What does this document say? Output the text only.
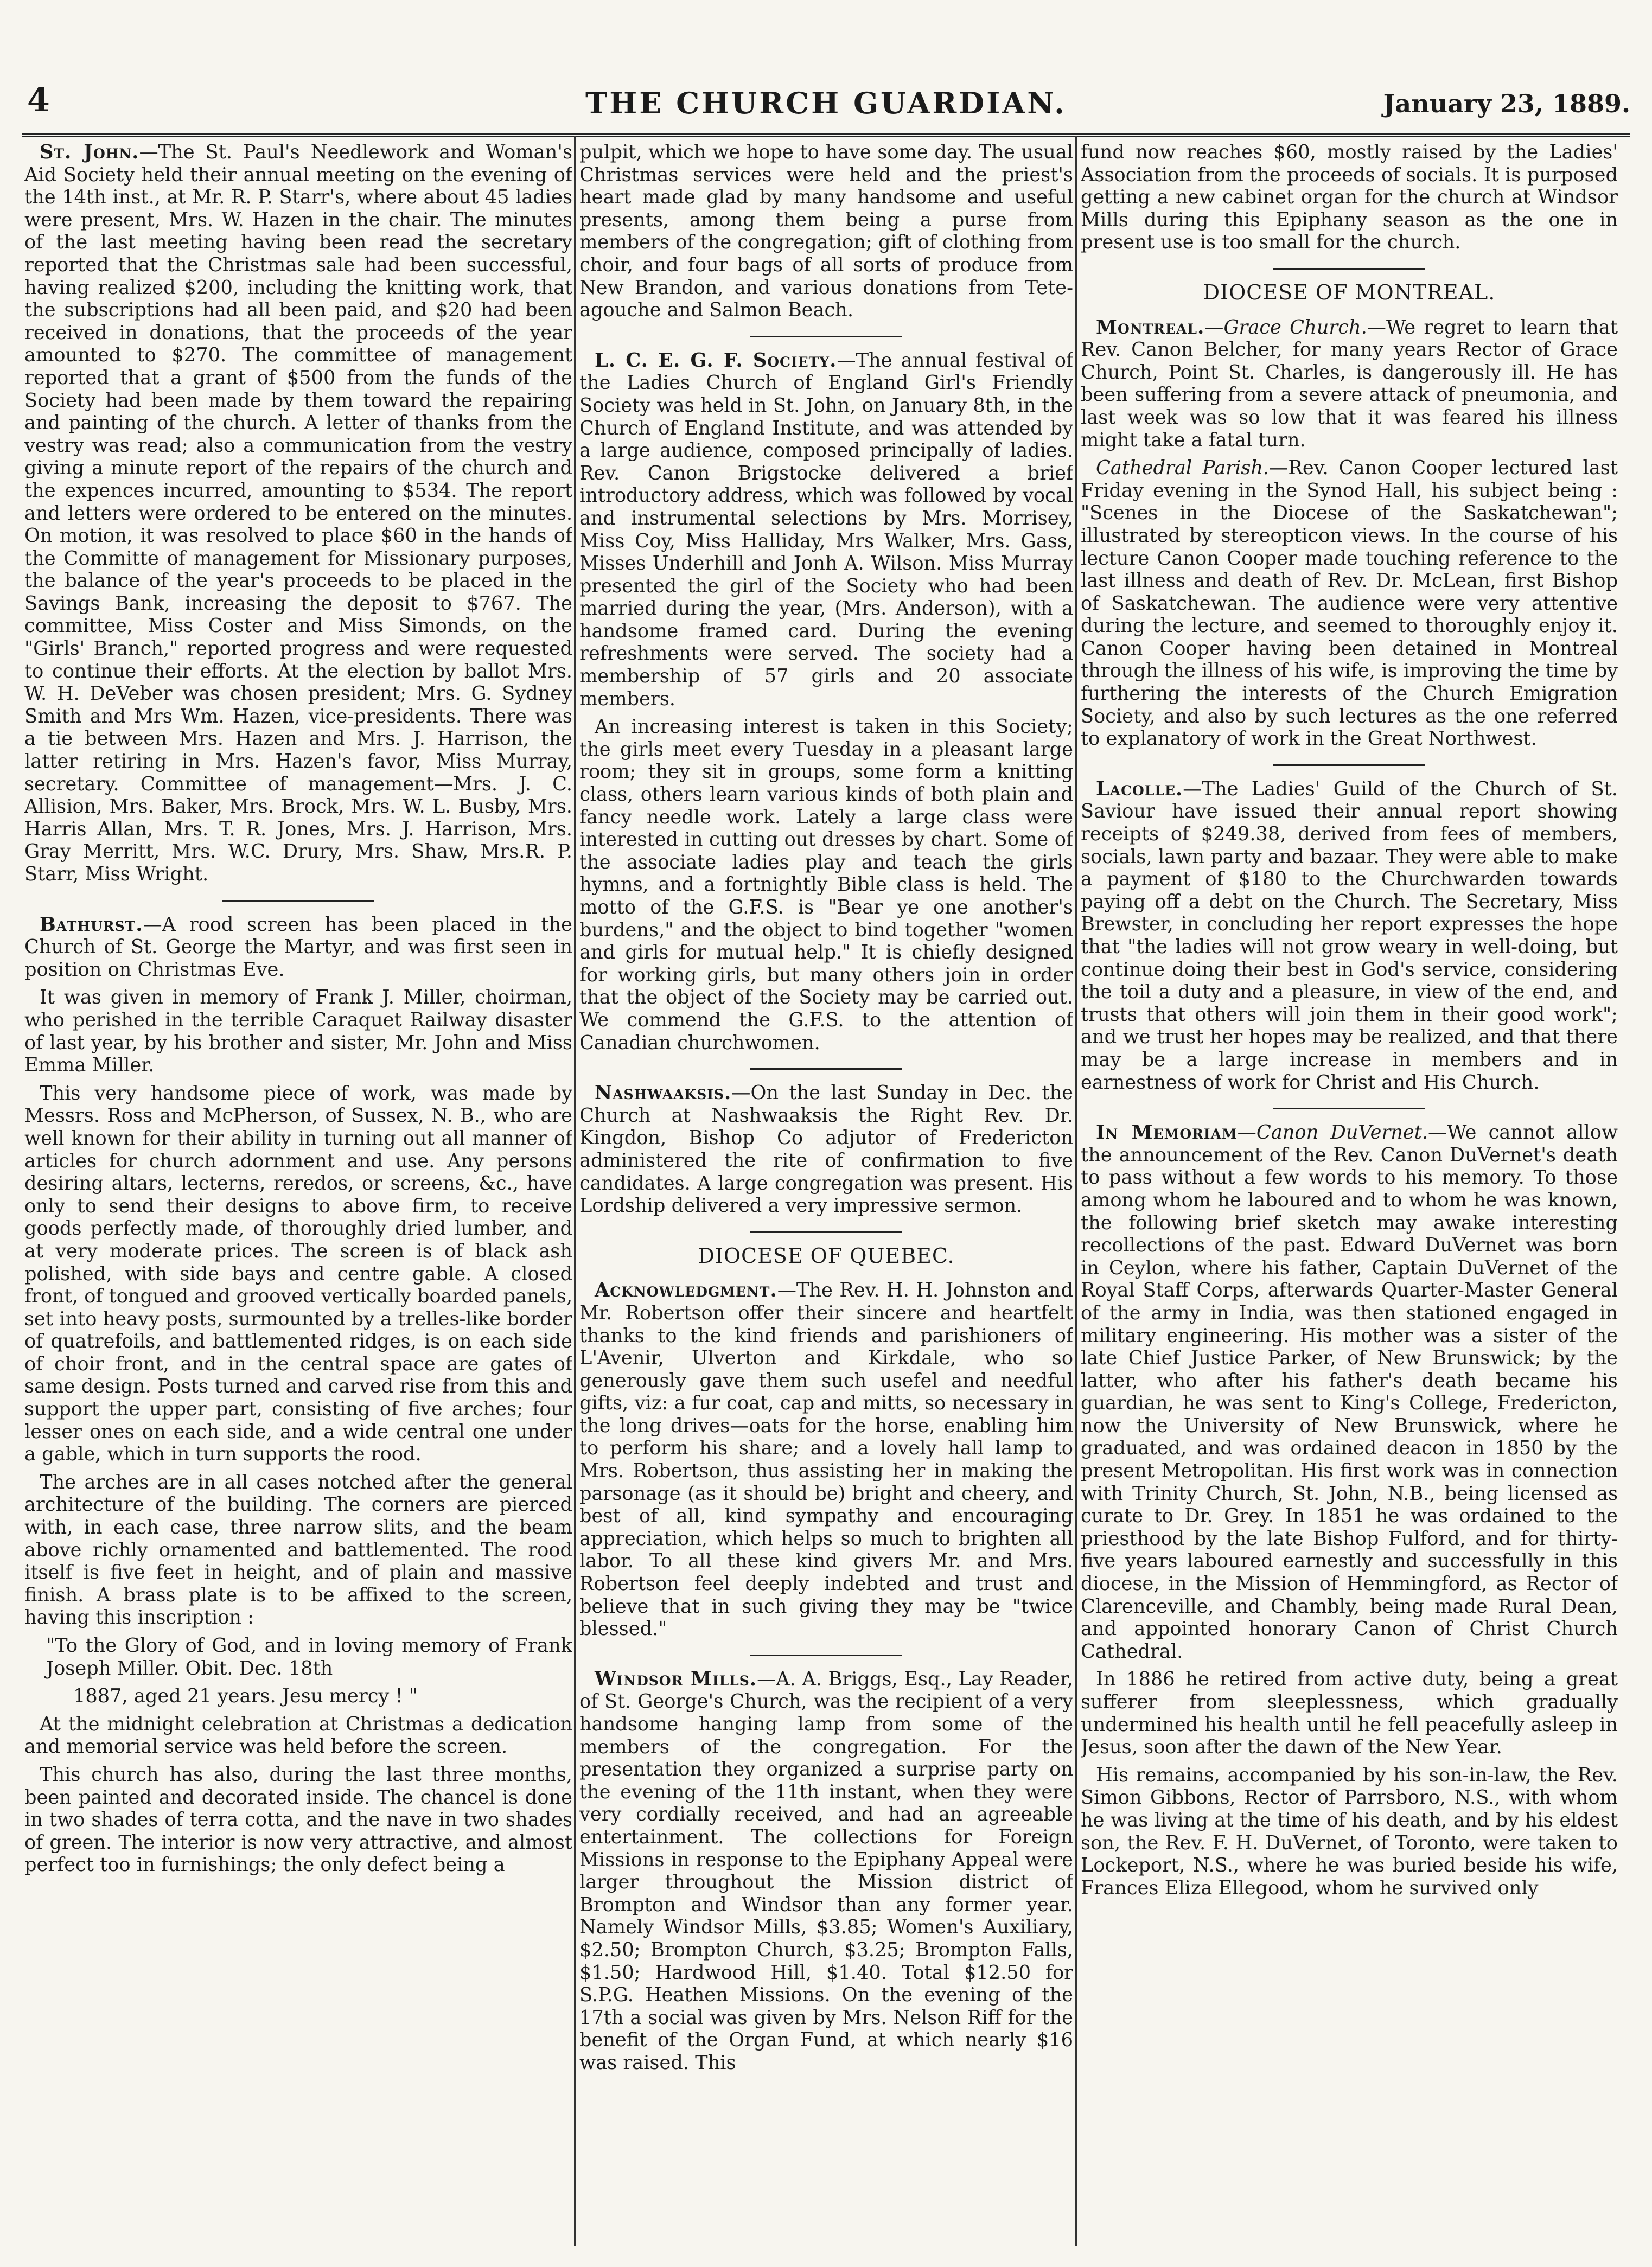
4	THE CHURCH GUARDIAN.	January 23, 1889.

St. John.—The St. Paul's Needlework and Woman's Aid Society held their annual meeting on the evening of the 14th inst., at Mr. R. P. Starr's, where about 45 ladies were present, Mrs. W. Hazen in the chair. The minutes of the last meeting having been read the secretary reported that the Christmas sale had been successful, having realized $200, including the knitting work, that the subscriptions had all been paid, and $20 had been received in donations, that the proceeds of the year amounted to $270. The committee of management reported that a grant of $500 from the funds of the Society had been made by them toward the repairing and painting of the church. A letter of thanks from the vestry was read; also a communication from the vestry giving a minute report of the repairs of the church and the expences incurred, amounting to $534. The report and letters were ordered to be entered on the minutes. On motion, it was resolved to place $60 in the hands of the Committe of management for Missionary purposes, the balance of the year's proceeds to be placed in the Savings Bank, increasing the deposit to $767. The committee, Miss Coster and Miss Simonds, on the "Girls' Branch," reported progress and were requested to continue their efforts. At the election by ballot Mrs. W. H. DeVeber was chosen president; Mrs. G. Sydney Smith and Mrs Wm. Hazen, vice-presidents. There was a tie between Mrs. Hazen and Mrs. J. Harrison, the latter retiring in Mrs. Hazen's favor, Miss Murray, secretary. Committee of management—Mrs. J. C. Allision, Mrs. Baker, Mrs. Brock, Mrs. W. L. Busby, Mrs. Harris Allan, Mrs. T. R. Jones, Mrs. J. Harrison, Mrs. Gray Merritt, Mrs. W.C. Drury, Mrs. Shaw, Mrs.R. P. Starr, Miss Wright.

Bathurst.—A rood screen has been placed in the Church of St. George the Martyr, and was first seen in position on Christmas Eve.

It was given in memory of Frank J. Miller, choirman, who perished in the terrible Caraquet Railway disaster of last year, by his brother and sister, Mr. John and Miss Emma Miller.

This very handsome piece of work, was made by Messrs. Ross and McPherson, of Sussex, N. B., who are well known for their ability in turning out all manner of articles for church adornment and use. Any persons desiring altars, lecterns, reredos, or screens, &c., have only to send their designs to above firm, to receive goods perfectly made, of thoroughly dried lumber, and at very moderate prices. The screen is of black ash polished, with side bays and centre gable. A closed front, of tongued and grooved vertically boarded panels, set into heavy posts, surmounted by a trelles-like border of quatrefoils, and battlemented ridges, is on each side of choir front, and in the central space are gates of same design. Posts turned and carved rise from this and support the upper part, consisting of five arches; four lesser ones on each side, and a wide central one under a gable, which in turn supports the rood.

The arches are in all cases notched after the general architecture of the building. The corners are pierced with, in each case, three narrow slits, and the beam above richly ornamented and battlemented. The rood itself is five feet in height, and of plain and massive finish. A brass plate is to be affixed to the screen, having this inscription :

"To the Glory of God, and in loving memory of Frank Joseph Miller. Obit. Dec. 18th

1887, aged 21 years. Jesu mercy ! "

At the midnight celebration at Christmas a dedication and memorial service was held before the screen.

This church has also, during the last three months, been painted and decorated inside. The chancel is done in two shades of terra cotta, and the nave in two shades of green. The interior is now very attractive, and almost perfect too in furnishings; the only defect being a

pulpit, which we hope to have some day. The usual Christmas services were held and the priest's heart made glad by many handsome and useful presents, among them being a purse from members of the congregation; gift of clothing from choir, and four bags of all sorts of produce from New Brandon, and various donations from Tete-agouche and Salmon Beach.

L. C. E. G. F. Society.—The annual festival of the Ladies Church of England Girl's Friendly Society was held in St. John, on January 8th, in the Church of England Institute, and was attended by a large audience, composed principally of ladies. Rev. Canon Brigstocke delivered a brief introductory address, which was followed by vocal and instrumental selections by Mrs. Morrisey, Miss Coy, Miss Halliday, Mrs Walker, Mrs. Gass, Misses Underhill and Jonh A. Wilson. Miss Murray presented the girl of the Society who had been married during the year, (Mrs. Anderson), with a handsome framed card. During the evening refreshments were served. The society had a membership of 57 girls and 20 associate members.

An increasing interest is taken in this Society; the girls meet every Tuesday in a pleasant large room; they sit in groups, some form a knitting class, others learn various kinds of both plain and fancy needle work. Lately a large class were interested in cutting out dresses by chart. Some of the associate ladies play and teach the girls hymns, and a fortnightly Bible class is held. The motto of the G.F.S. is "Bear ye one another's burdens," and the object to bind together "women and girls for mutual help." It is chiefly designed for working girls, but many others join in order that the object of the Society may be carried out. We commend the G.F.S. to the attention of Canadian churchwomen.

Nashwaaksis.—On the last Sunday in Dec. the Church at Nashwaaksis the Right Rev. Dr. Kingdon, Bishop Co adjutor of Fredericton administered the rite of confirmation to five candidates. A large congregation was present. His Lordship delivered a very impressive sermon.

DIOCESE OF QUEBEC.

Acknowledgment.—The Rev. H. H. Johnston and Mr. Robertson offer their sincere and heartfelt thanks to the kind friends and parishioners of L'Avenir, Ulverton and Kirkdale, who so generously gave them such usefel and needful gifts, viz: a fur coat, cap and mitts, so necessary in the long drives—oats for the horse, enabling him to perform his share; and a lovely hall lamp to Mrs. Robertson, thus assisting her in making the parsonage (as it should be) bright and cheery, and best of all, kind sympathy and encouraging appreciation, which helps so much to brighten all labor. To all these kind givers Mr. and Mrs. Robertson feel deeply indebted and trust and believe that in such giving they may be "twice blessed."

Windsor Mills.—A. A. Briggs, Esq., Lay Reader, of St. George's Church, was the recipient of a very handsome hanging lamp from some of the members of the congregation. For the presentation they organized a surprise party on the evening of the 11th instant, when they were very cordially received, and had an agreeable entertainment. The collections for Foreign Missions in response to the Epiphany Appeal were larger throughout the Mission district of Brompton and Windsor than any former year. Namely Windsor Mills, $3.85; Women's Auxiliary, $2.50; Brompton Church, $3.25; Brompton Falls, $1.50; Hardwood Hill, $1.40. Total $12.50 for S.P.G. Heathen Missions. On the evening of the 17th a social was given by Mrs. Nelson Riff for the benefit of the Organ Fund, at which nearly $16 was raised. This

fund now reaches $60, mostly raised by the Ladies' Association from the proceeds of socials. It is purposed getting a new cabinet organ for the church at Windsor Mills during this Epiphany season as the one in present use is too small for the church.

DIOCESE OF MONTREAL.

Montreal.—Grace Church.—We regret to learn that Rev. Canon Belcher, for many years Rector of Grace Church, Point St. Charles, is dangerously ill. He has been suffering from a severe attack of pneumonia, and last week was so low that it was feared his illness might take a fatal turn.

Cathedral Parish.—Rev. Canon Cooper lectured last Friday evening in the Synod Hall, his subject being : "Scenes in the Diocese of the Saskatchewan"; illustrated by stereopticon views. In the course of his lecture Canon Cooper made touching reference to the last illness and death of Rev. Dr. McLean, first Bishop of Saskatchewan. The audience were very attentive during the lecture, and seemed to thoroughly enjoy it. Canon Cooper having been detained in Montreal through the illness of his wife, is improving the time by furthering the interests of the Church Emigration Society, and also by such lectures as the one referred to explanatory of work in the Great Northwest.

Lacolle.—The Ladies' Guild of the Church of St. Saviour have issued their annual report showing receipts of $249.38, derived from fees of members, socials, lawn party and bazaar. They were able to make a payment of $180 to the Churchwarden towards paying off a debt on the Church. The Secretary, Miss Brewster, in concluding her report expresses the hope that "the ladies will not grow weary in well-doing, but continue doing their best in God's service, considering the toil a duty and a pleasure, in view of the end, and trusts that others will join them in their good work"; and we trust her hopes may be realized, and that there may be a large increase in members and in earnestness of work for Christ and His Church.

In Memoriam—Canon DuVernet.—We cannot allow the announcement of the Rev. Canon DuVernet's death to pass without a few words to his memory. To those among whom he laboured and to whom he was known, the following brief sketch may awake interesting recollections of the past. Edward DuVernet was born in Ceylon, where his father, Captain DuVernet of the Royal Staff Corps, afterwards Quarter-Master General of the army in India, was then stationed engaged in military engineering. His mother was a sister of the late Chief Justice Parker, of New Brunswick; by the latter, who after his father's death became his guardian, he was sent to King's College, Fredericton, now the University of New Brunswick, where he graduated, and was ordained deacon in 1850 by the present Metropolitan. His first work was in connection with Trinity Church, St. John, N.B., being licensed as curate to Dr. Grey. In 1851 he was ordained to the priesthood by the late Bishop Fulford, and for thirty-five years laboured earnestly and successfully in this diocese, in the Mission of Hemmingford, as Rector of Clarenceville, and Chambly, being made Rural Dean, and appointed honorary Canon of Christ Church Cathedral.

In 1886 he retired from active duty, being a great sufferer from sleeplessness, which gradually undermined his health until he fell peacefully asleep in Jesus, soon after the dawn of the New Year.

His remains, accompanied by his son-in-law, the Rev. Simon Gibbons, Rector of Parrsboro, N.S., with whom he was living at the time of his death, and by his eldest son, the Rev. F. H. DuVernet, of Toronto, were taken to Lockeport, N.S., where he was buried beside his wife, Frances Eliza Ellegood, whom he survived only
